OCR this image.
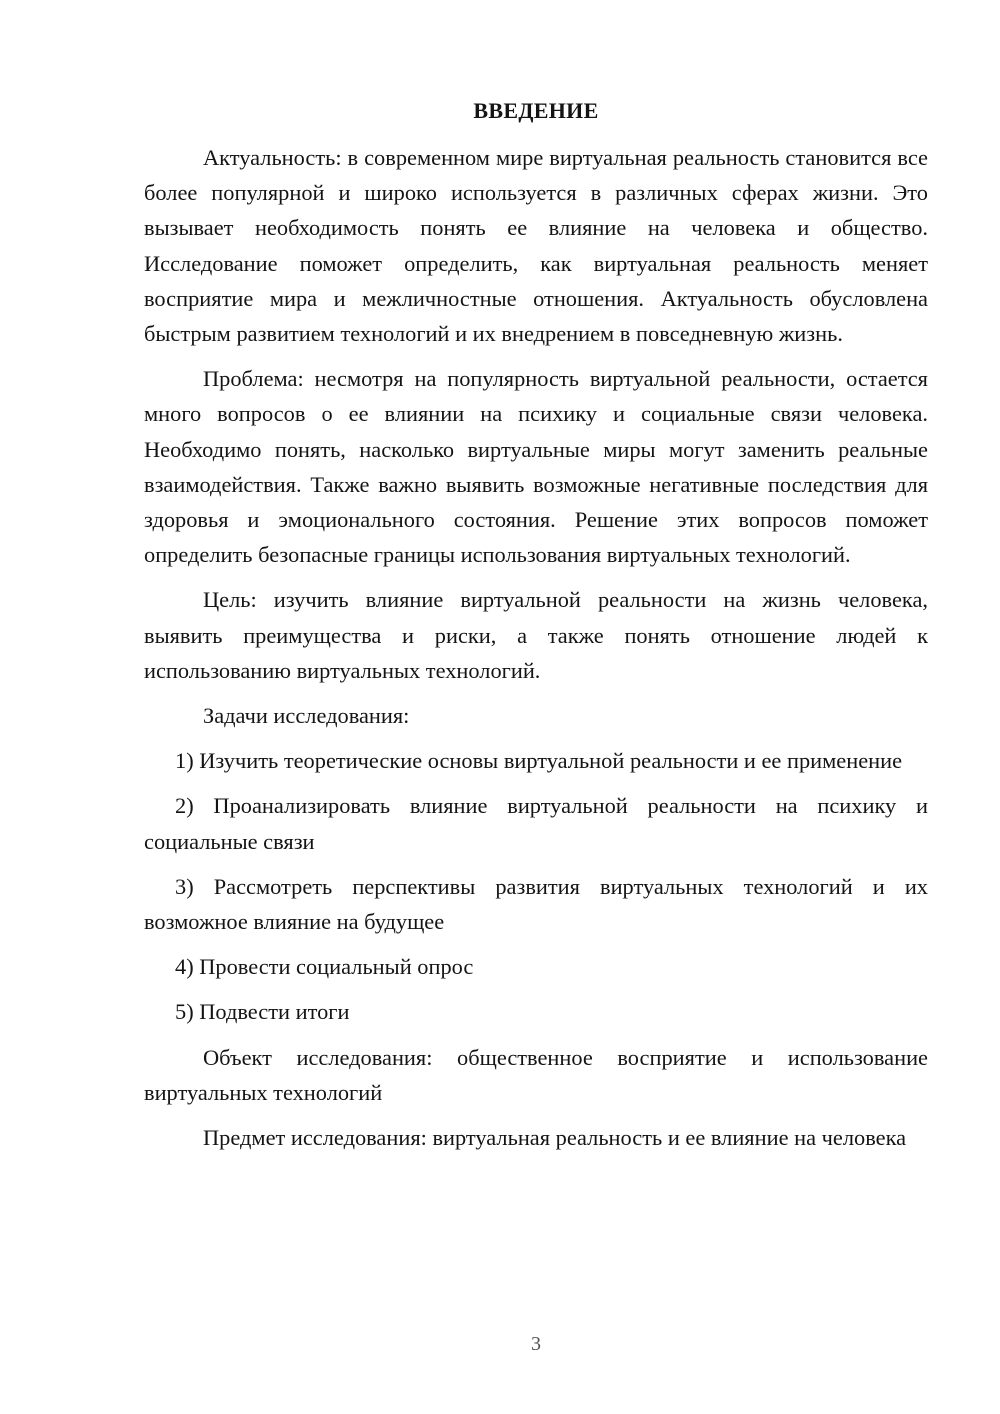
ВВЕДЕНИЕ

Актуальность: в современном мире виртуальная реальность становится все более популярной и широко используется в различных сферах жизни. Это вызывает необходимость понять ее влияние на человека и общество. Исследование поможет определить, как виртуальная реальность меняет восприятие мира и межличностные отношения. Актуальность обусловлена быстрым развитием технологий и их внедрением в повседневную жизнь.

Проблема: несмотря на популярность виртуальной реальности, остается много вопросов о ее влиянии на психику и социальные связи человека. Необходимо понять, насколько виртуальные миры могут заменить реальные взаимодействия. Также важно выявить возможные негативные последствия для здоровья и эмоционального состояния. Решение этих вопросов поможет определить безопасные границы использования виртуальных технологий.

Цель: изучить влияние виртуальной реальности на жизнь человека, выявить преимущества и риски, а также понять отношение людей к использованию виртуальных технологий.

Задачи исследования:

1) Изучить теоретические основы виртуальной реальности и ее применение

2) Проанализировать влияние виртуальной реальности на психику и социальные связи

3) Рассмотреть перспективы развития виртуальных технологий и их возможное влияние на будущее

4) Провести социальный опрос

5) Подвести итоги

Объект исследования: общественное восприятие и использование виртуальных технологий

Предмет исследования: виртуальная реальность и ее влияние на человека

3
